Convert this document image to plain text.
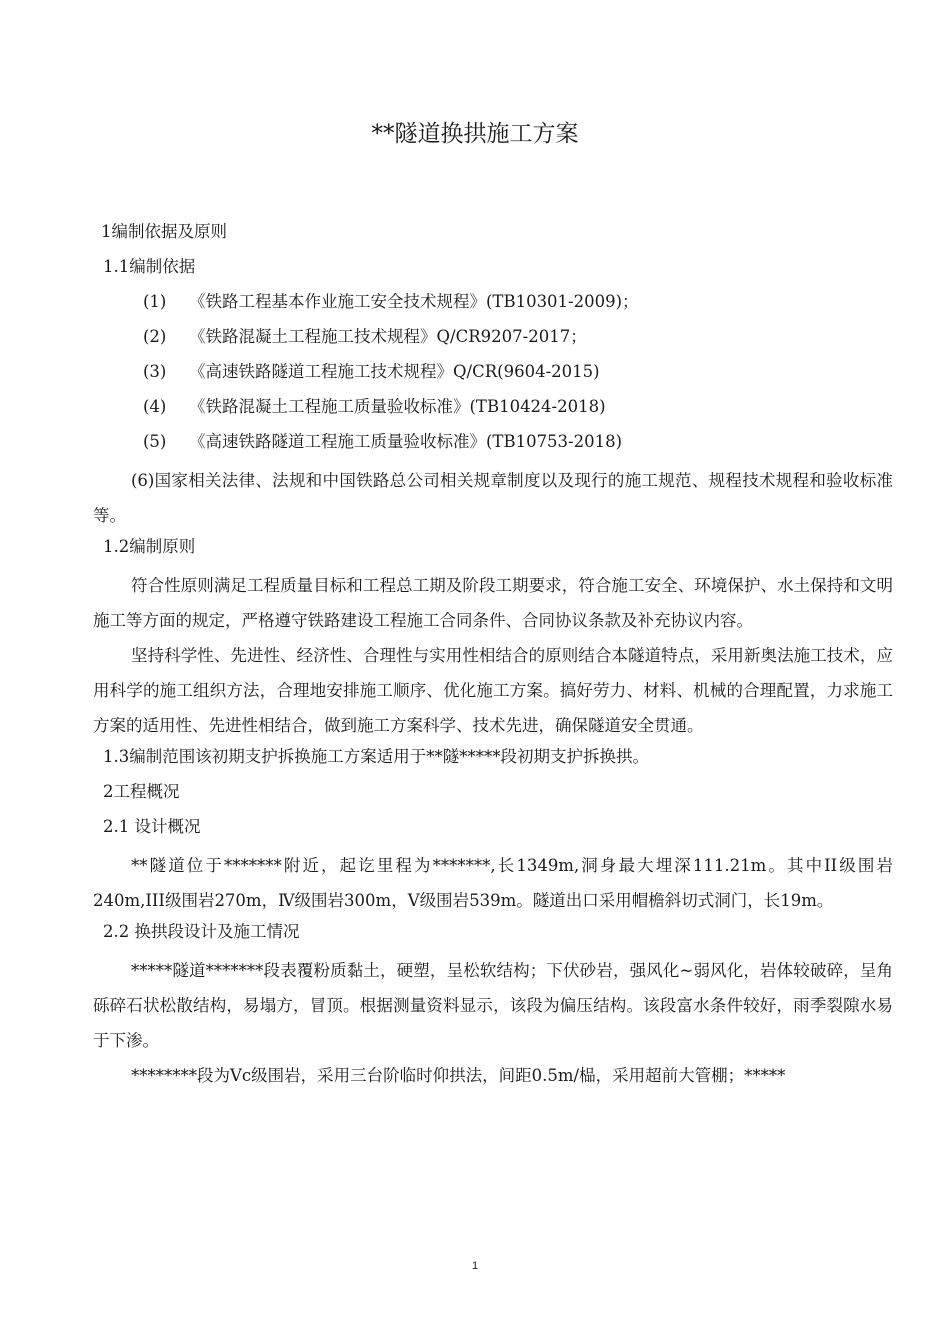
**隧道换拱施工方案
1编制依据及原则
1.1编制依据
(1) 《铁路工程基本作业施工安全技术规程》(TB10301-2009)；
(2) 《铁路混凝土工程施工技术规程》Q/CR9207-2017；
(3) 《高速铁路隧道工程施工技术规程》Q/CR(9604-2015)
(4) 《铁路混凝土工程施工质量验收标准》(TB10424-2018)
(5) 《高速铁路隧道工程施工质量验收标准》(TB10753-2018)
(6)国家相关法律、法规和中国铁路总公司相关规章制度以及现行的施工规范、规程技术规程和验收标准等。
1.2编制原则
符合性原则满足工程质量目标和工程总工期及阶段工期要求，符合施工安全、环境保护、水土保持和文明施工等方面的规定，严格遵守铁路建设工程施工合同条件、合同协议条款及补充协议内容。
坚持科学性、先进性、经济性、合理性与实用性相结合的原则结合本隧道特点，采用新奥法施工技术，应用科学的施工组织方法，合理地安排施工顺序、优化施工方案。搞好劳力、材料、机械的合理配置，力求施工方案的适用性、先进性相结合，做到施工方案科学、技术先进，确保隧道安全贯通。
1.3编制范围该初期支护拆换施工方案适用于**隧*****段初期支护拆换拱。
2工程概况
2.1 设计概况
**隧道位于*******附近，起讫里程为*******,长1349m,洞身最大埋深111.21m。其中II级围岩240m,III级围岩270m，Ⅳ级围岩300m，Ⅴ级围岩539m。隧道出口采用帽檐斜切式洞门，长19m。
2.2 换拱段设计及施工情况
*****隧道*******段表覆粉质黏土，硬塑，呈松软结构；下伏砂岩，强风化~弱风化，岩体较破碎，呈角砾碎石状松散结构，易塌方，冒顶。根据测量资料显示，该段为偏压结构。该段富水条件较好，雨季裂隙水易于下渗。
********段为Vc级围岩，采用三台阶临时仰拱法，间距0.5m/榀，采用超前大管棚；*****
1
